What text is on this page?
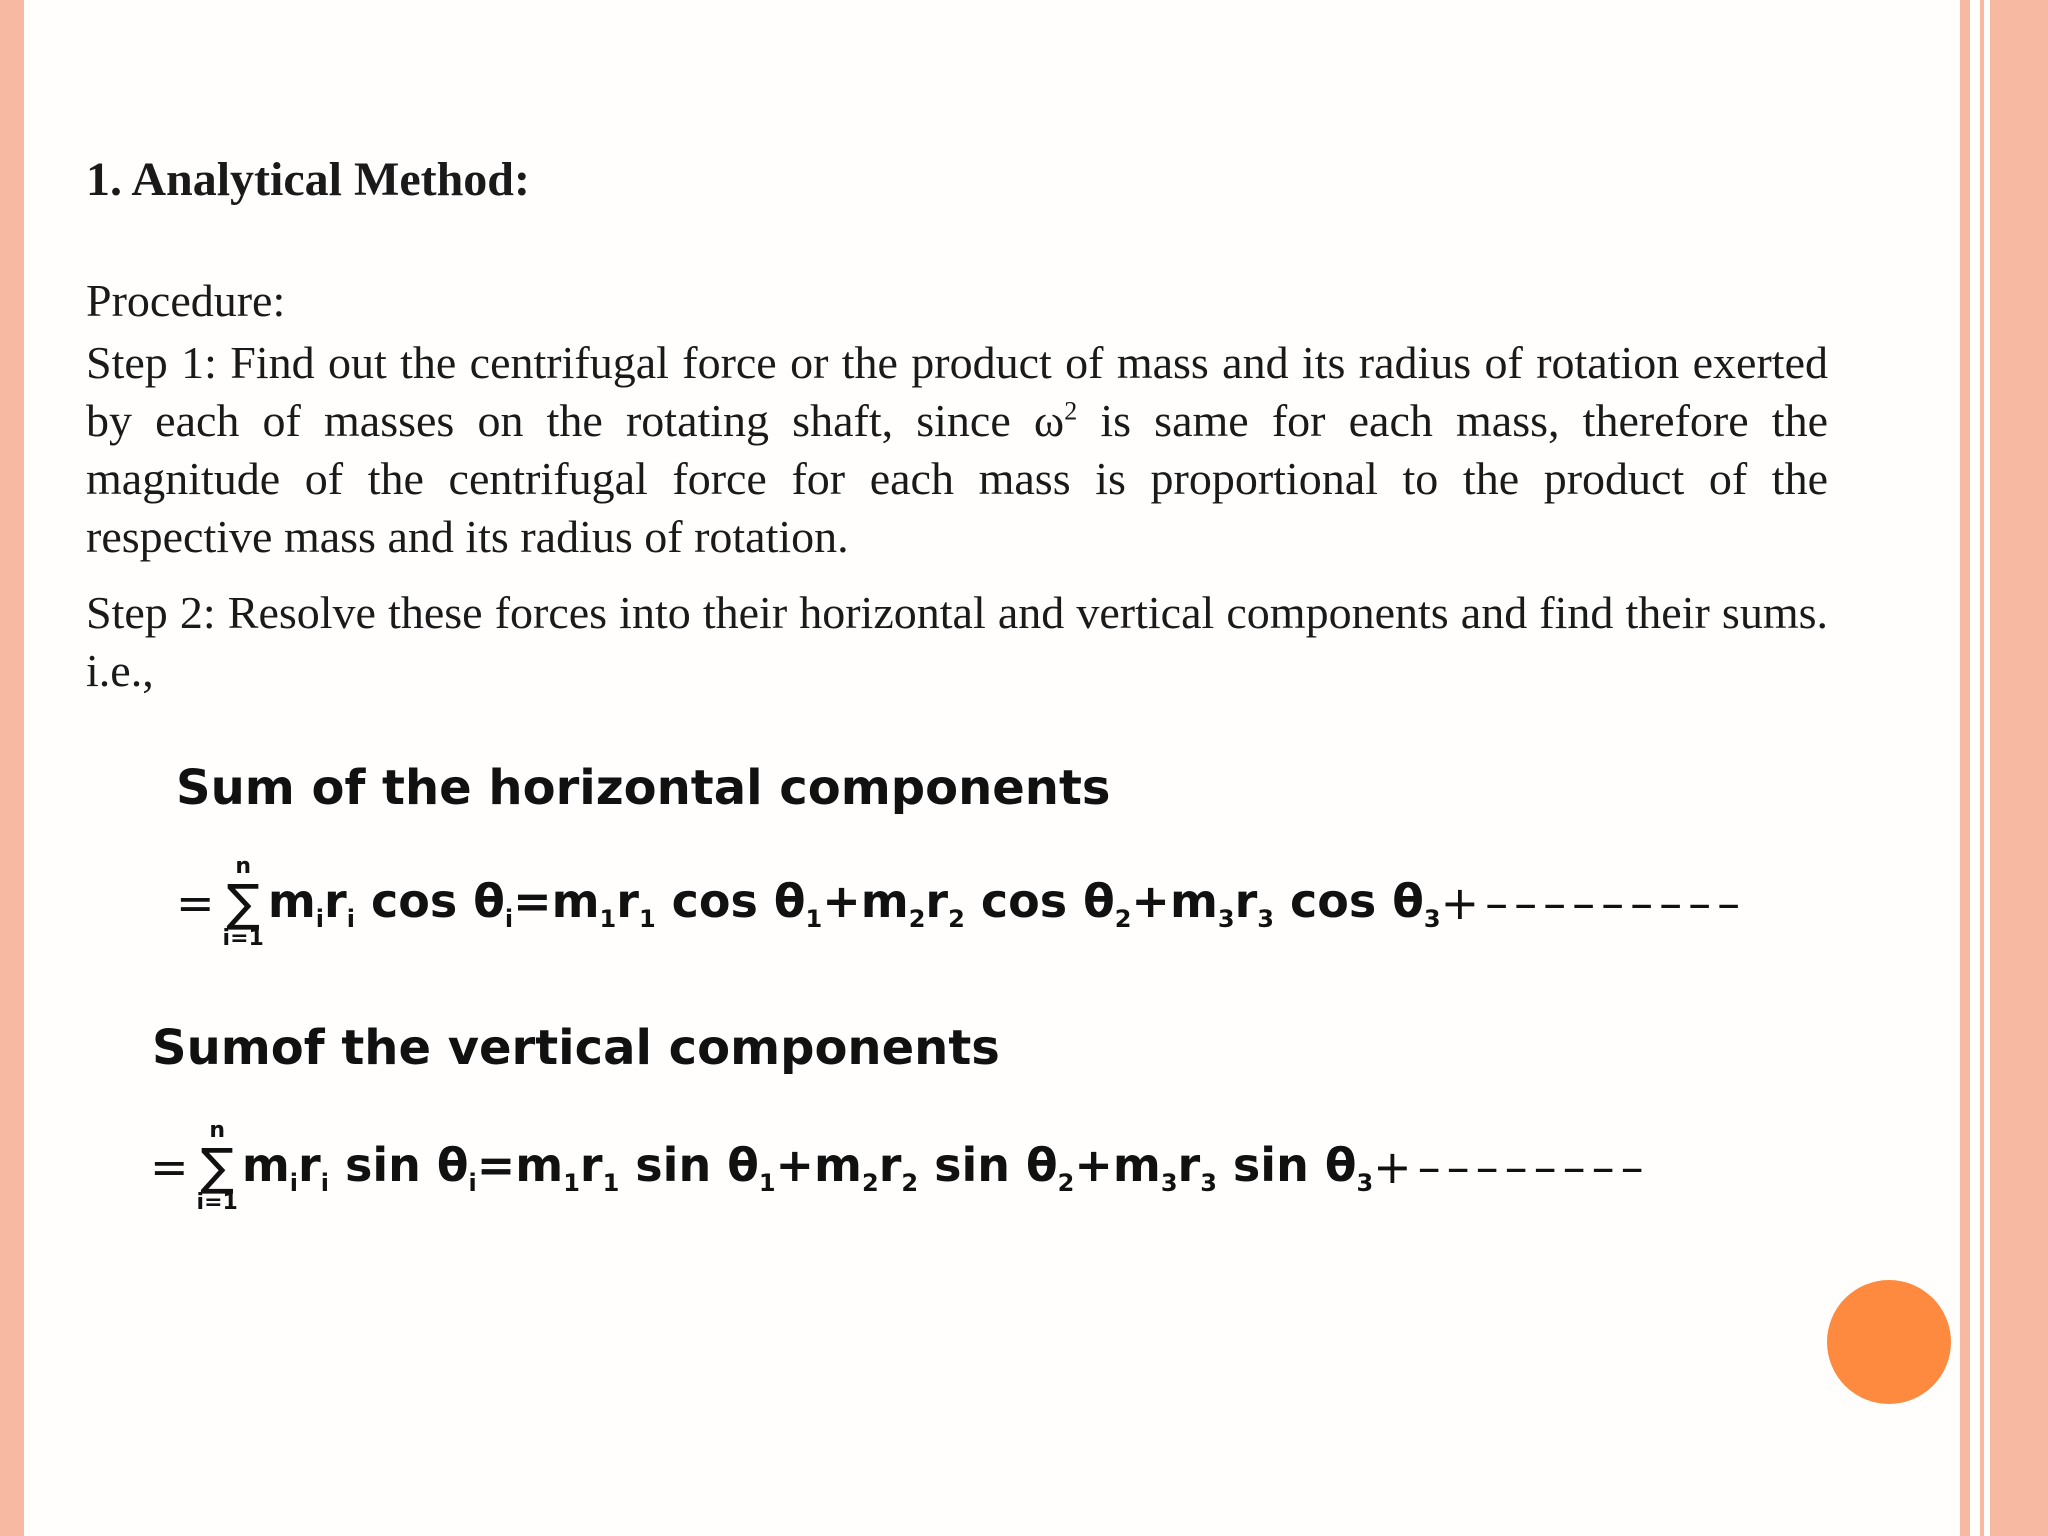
1. Analytical Method:

Procedure:

Step 1: Find out the centrifugal force or the product of mass and its radius of rotation exerted by each of masses on the rotating shaft, since $\omega^2$ is same for each mass, therefore the magnitude of the centrifugal force for each mass is proportional to the product of the respective mass and its radius of rotation.

Step 2: Resolve these forces into their horizontal and vertical components and find their sums. i.e.,

Sum of the horizontal components

=
n
∑
i=1
$m_ir_i$ $\cos \theta_i =m_1r_1$ $\cos \theta_1 +m_2r_2$ $\cos \theta_2 +m_3r_3$ $\cos \theta_3$ +–––––––––

Sumof the vertical components

=
n
∑
i=1
$m_ir_i$ $\sin \theta_i =m_1r_1$ $\sin \theta_1 +m_2r_2$ $\sin \theta_2 +m_3r_3$ $\sin \theta_3$ +––––––––
